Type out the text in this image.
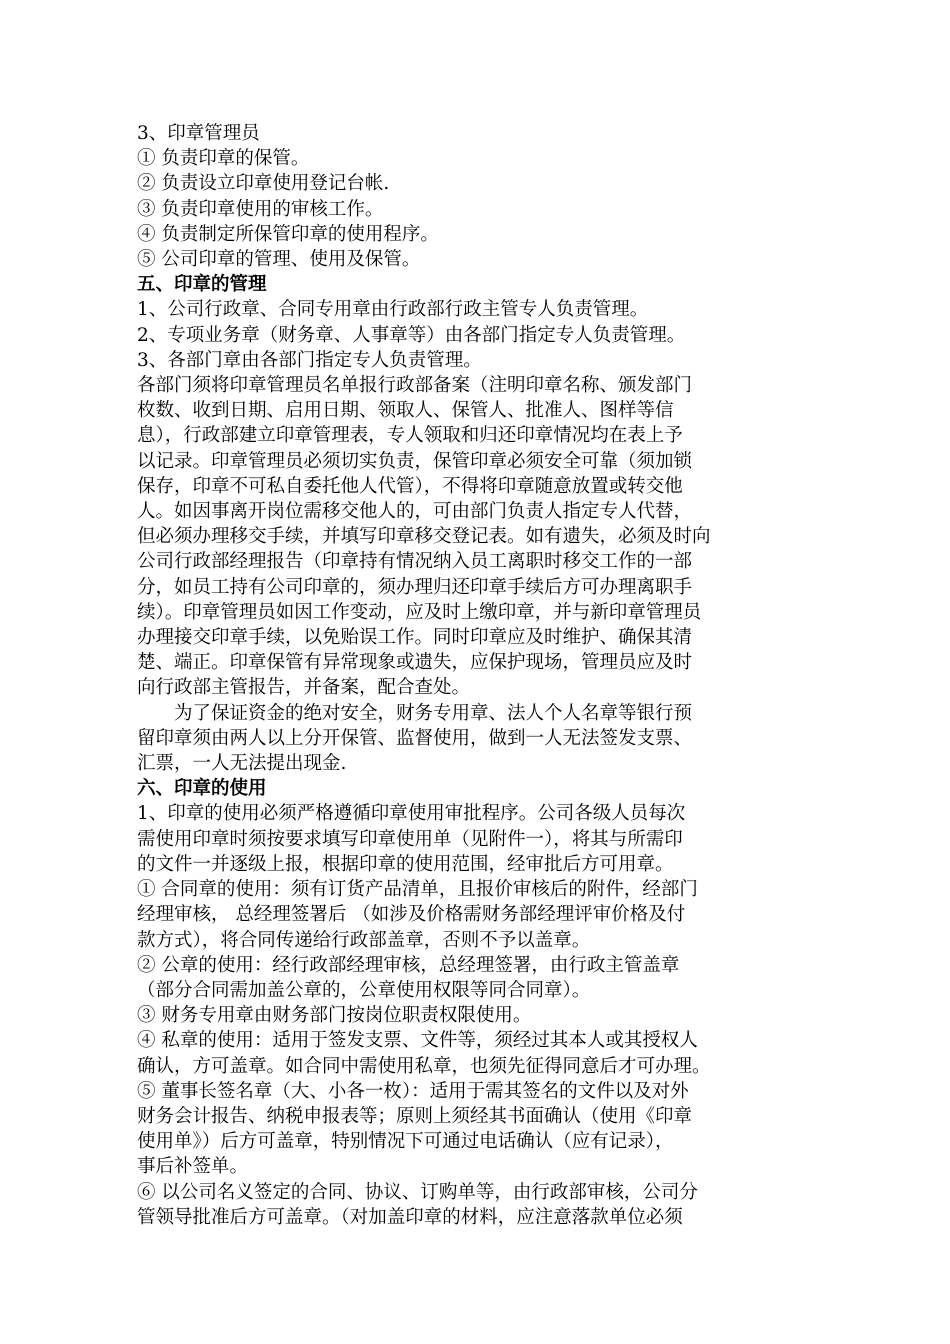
3、印章管理员
① 负责印章的保管。
② 负责设立印章使用登记台帐.
③ 负责印章使用的审核工作。
④ 负责制定所保管印章的使用程序。
⑤ 公司印章的管理、使用及保管。
五、印章的管理
1、公司行政章、合同专用章由行政部行政主管专人负责管理。
2、专项业务章（财务章、人事章等）由各部门指定专人负责管理。
3、各部门章由各部门指定专人负责管理。
各部门须将印章管理员名单报行政部备案（注明印章名称、颁发部门
枚数、收到日期、启用日期、领取人、保管人、批准人、图样等信
息），行政部建立印章管理表，专人领取和归还印章情况均在表上予
以记录。印章管理员必须切实负责，保管印章必须安全可靠（须加锁
保存，印章不可私自委托他人代管），不得将印章随意放置或转交他
人。如因事离开岗位需移交他人的，可由部门负责人指定专人代替，
但必须办理移交手续，并填写印章移交登记表。如有遗失，必须及时向
公司行政部经理报告（印章持有情况纳入员工离职时移交工作的一部
分，如员工持有公司印章的，须办理归还印章手续后方可办理离职手
续）。印章管理员如因工作变动，应及时上缴印章，并与新印章管理员
办理接交印章手续，以免贻误工作。同时印章应及时维护、确保其清
楚、端正。印章保管有异常现象或遗失，应保护现场，管理员应及时
向行政部主管报告，并备案，配合查处。
为了保证资金的绝对安全，财务专用章、法人个人名章等银行预
留印章须由两人以上分开保管、监督使用，做到一人无法签发支票、
汇票，一人无法提出现金.
六、印章的使用
1、印章的使用必须严格遵循印章使用审批程序。公司各级人员每次
需使用印章时须按要求填写印章使用单（见附件一），将其与所需印
的文件一并逐级上报，根据印章的使用范围，经审批后方可用章。
① 合同章的使用：须有订货产品清单，且报价审核后的附件，经部门
经理审核， 总经理签署后 （如涉及价格需财务部经理评审价格及付
款方式），将合同传递给行政部盖章，否则不予以盖章。
② 公章的使用：经行政部经理审核，总经理签署，由行政主管盖章
（部分合同需加盖公章的，公章使用权限等同合同章）。
③ 财务专用章由财务部门按岗位职责权限使用。
④ 私章的使用：适用于签发支票、文件等，须经过其本人或其授权人
确认，方可盖章。如合同中需使用私章，也须先征得同意后才可办理。
⑤ 董事长签名章（大、小各一枚）：适用于需其签名的文件以及对外
财务会计报告、纳税申报表等；原则上须经其书面确认（使用《印章
使用单》）后方可盖章，特别情况下可通过电话确认（应有记录），
事后补签单。
⑥ 以公司名义签定的合同、协议、订购单等，由行政部审核，公司分
管领导批准后方可盖章。（对加盖印章的材料，应注意落款单位必须
